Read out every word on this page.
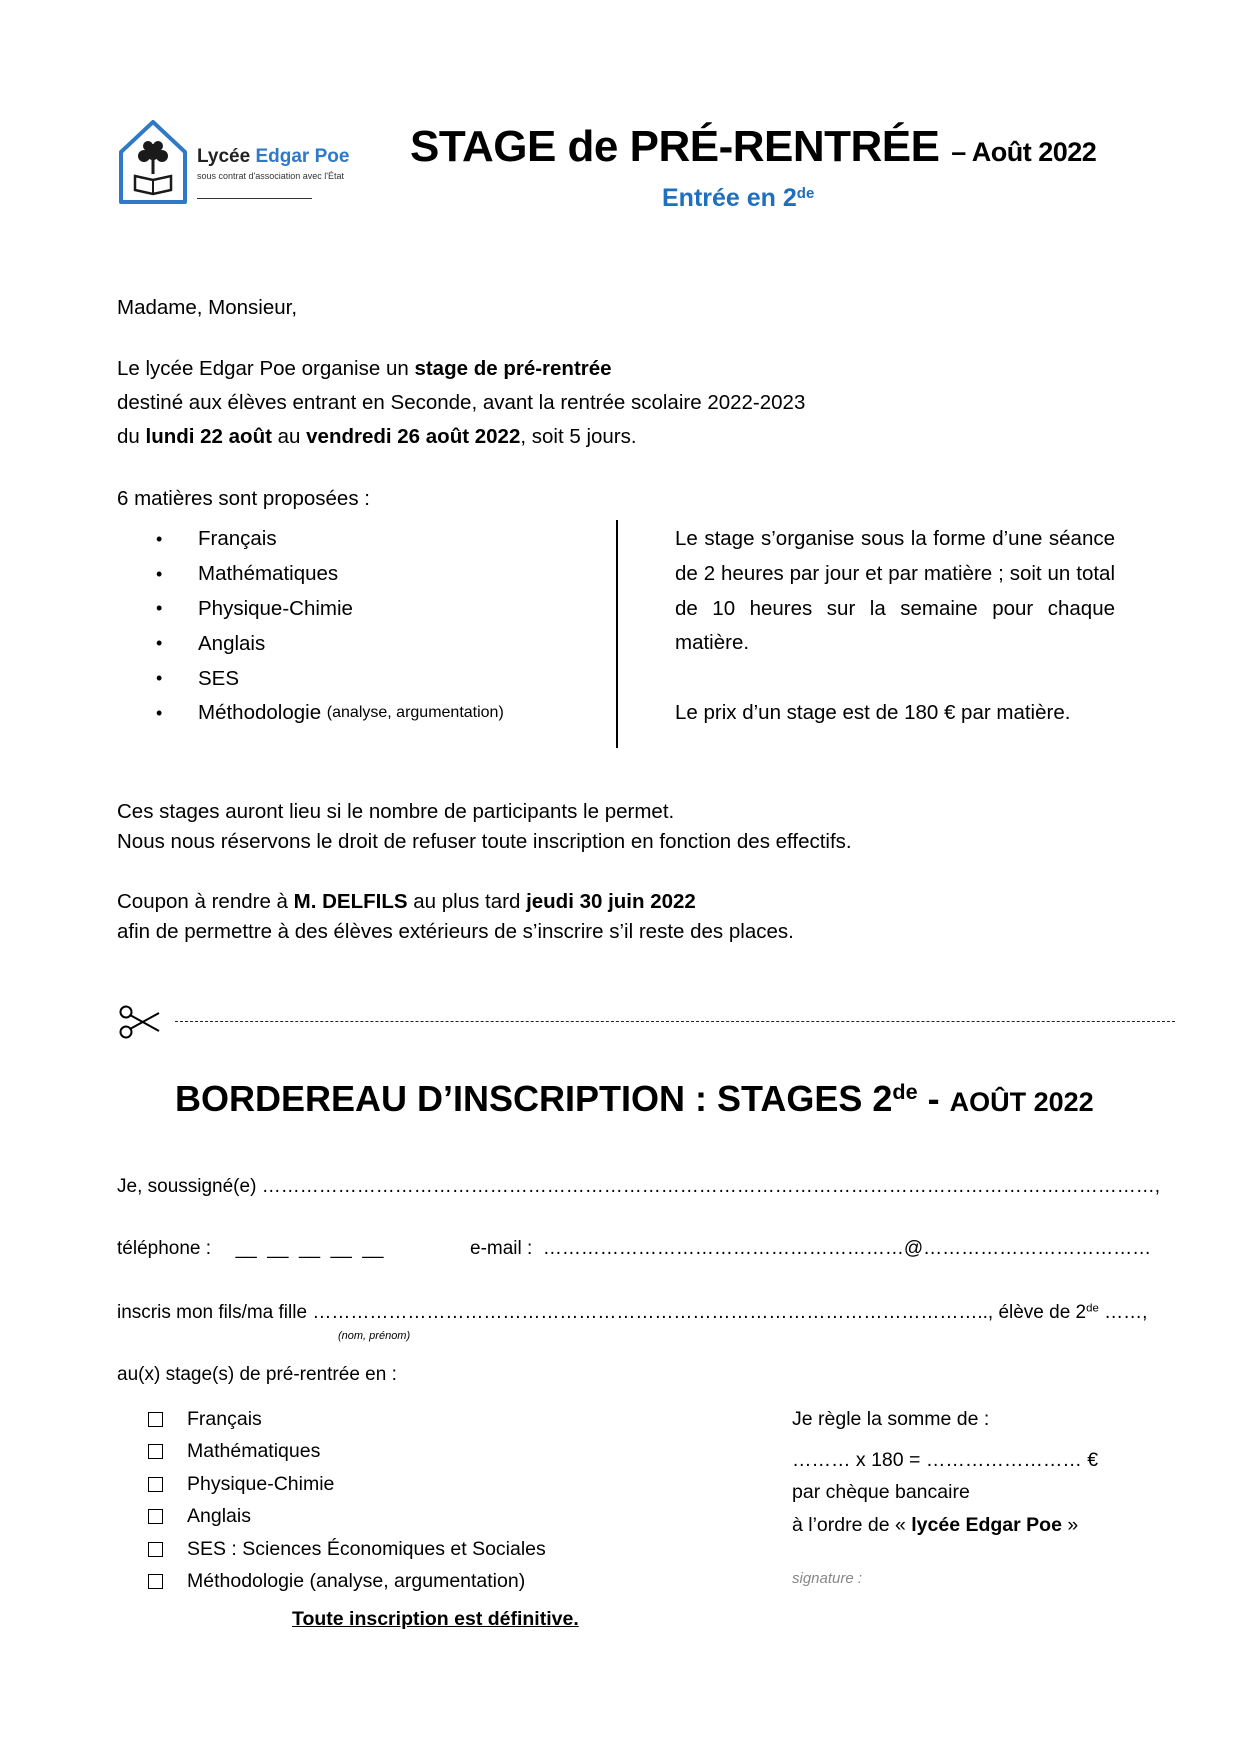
Lycée Edgar Poe
sous contrat d'association avec l'État
STAGE de PRÉ-RENTRÉE – Août 2022
Entrée en 2de
Madame, Monsieur,
Le lycée Edgar Poe organise un stage de pré-rentrée
destiné aux élèves entrant en Seconde, avant la rentrée scolaire 2022-2023
du lundi 22 août au vendredi 26 août 2022, soit 5 jours.
6 matières sont proposées :
•	Français
•	Mathématiques
•	Physique-Chimie
•	Anglais
•	SES
•	Méthodologie
(analyse, argumentation)
Le stage s’organise sous la forme d’une séance de 2 heures par jour et par matière ; soit un total de 10 heures sur la semaine pour chaque matière.
Le prix d’un stage est de 180 € par matière.
Ces stages auront lieu si le nombre de participants le permet.
Nous nous réservons le droit de refuser toute inscription en fonction des effectifs.
Coupon à rendre à M. DELFILS au plus tard jeudi 30 juin 2022
afin de permettre à des élèves extérieurs de s’inscrire s’il reste des places.
BORDEREAU D’INSCRIPTION : STAGES 2de - AOÛT 2022
Je, soussigné(e) ……………………………………………………………………………………………………………………………,
téléphone : __  __  __  __  __	e-mail : …………………………………………………@………………………………
inscris mon fils/ma fille …………………………………………………………………………………………….., élève de 2de ……,
(nom, prénom)
au(x) stage(s) de pré-rentrée en :
Français
Mathématiques
Physique-Chimie
Anglais
SES : Sciences Économiques et Sociales
Méthodologie (analyse, argumentation)
Je règle la somme de :
……… x 180 = …………………… €
par chèque bancaire
à l’ordre de « lycée Edgar Poe »
signature :
Toute inscription est définitive.
